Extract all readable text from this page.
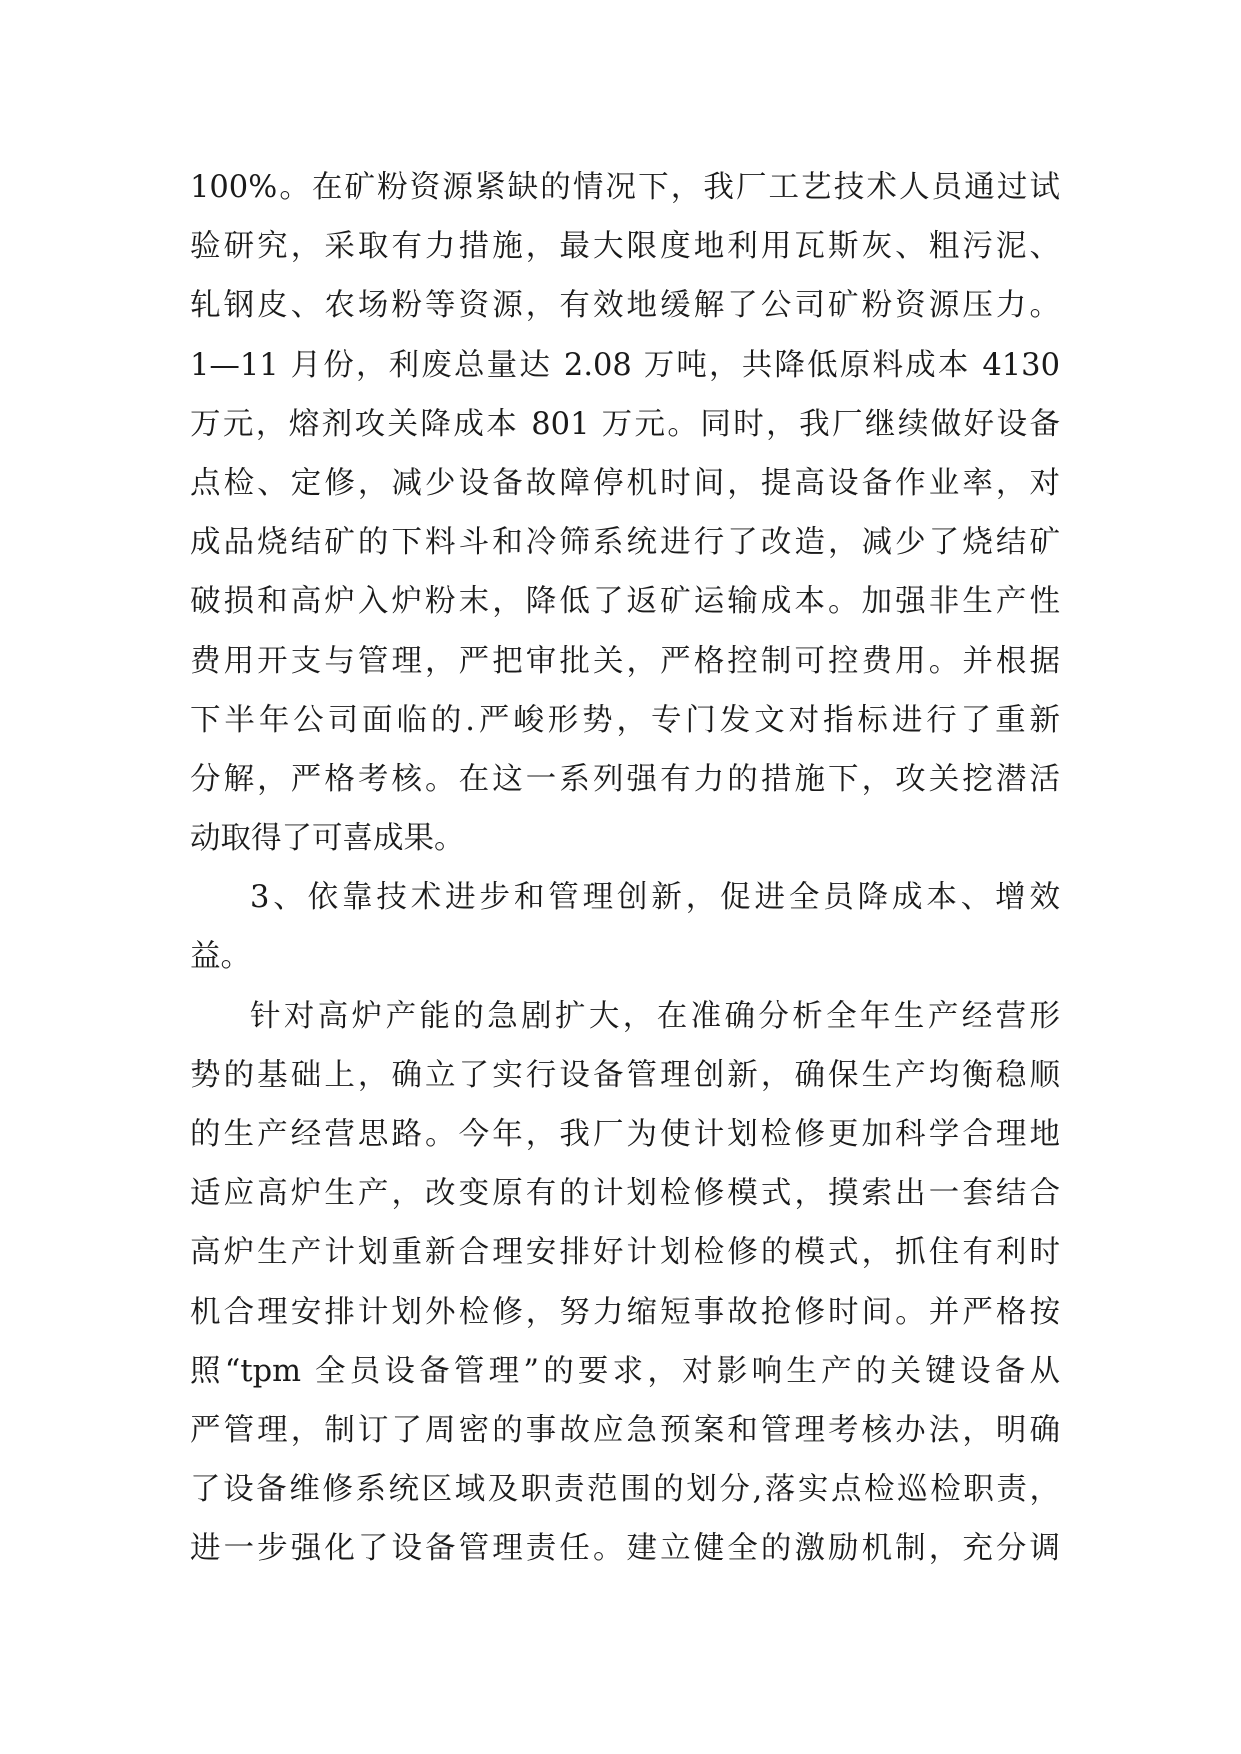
100%。在矿粉资源紧缺的情况下，我厂工艺技术人员通过试
验研究，采取有力措施，最大限度地利用瓦斯灰、粗污泥、
轧钢皮、农场粉等资源，有效地缓解了公司矿粉资源压力。
1—11 月份，利废总量达 2.08 万吨，共降低原料成本 4130
万元，熔剂攻关降成本 801 万元。同时，我厂继续做好设备
点检、定修，减少设备故障停机时间，提高设备作业率，对
成品烧结矿的下料斗和冷筛系统进行了改造，减少了烧结矿
破损和高炉入炉粉末，降低了返矿运输成本。加强非生产性
费用开支与管理，严把审批关，严格控制可控费用。并根据
下半年公司面临的.严峻形势，专门发文对指标进行了重新
分解，严格考核。在这一系列强有力的措施下，攻关挖潜活
动取得了可喜成果。
3、依靠技术进步和管理创新，促进全员降成本、增效
益。
针对高炉产能的急剧扩大，在准确分析全年生产经营形
势的基础上，确立了实行设备管理创新，确保生产均衡稳顺
的生产经营思路。今年，我厂为使计划检修更加科学合理地
适应高炉生产，改变原有的计划检修模式，摸索出一套结合
高炉生产计划重新合理安排好计划检修的模式，抓住有利时
机合理安排计划外检修，努力缩短事故抢修时间。并严格按
照“tpm 全员设备管理”的要求，对影响生产的关键设备从
严管理，制订了周密的事故应急预案和管理考核办法，明确
了设备维修系统区域及职责范围的划分,落实点检巡检职责，
进一步强化了设备管理责任。建立健全的激励机制，充分调
